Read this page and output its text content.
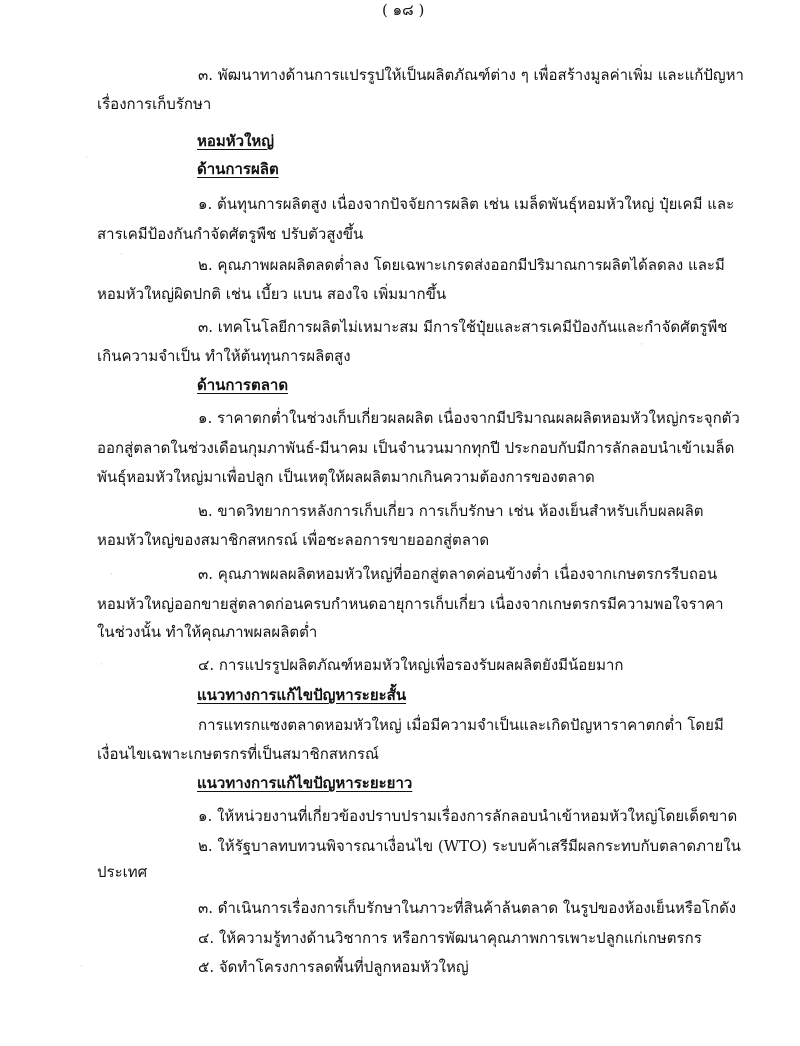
( ๑๘ )

๓. พัฒนาทางด้านการแปรรูปให้เป็นผลิตภัณฑ์ต่าง ๆ เพื่อสร้างมูลค่าเพิ่ม และแก้ปัญหา

เรื่องการเก็บรักษา

หอมหัวใหญ่

ด้านการผลิต

๑. ต้นทุนการผลิตสูง เนื่องจากปัจจัยการผลิต เช่น เมล็ดพันธุ์หอมหัวใหญ่ ปุ๋ยเคมี และ

สารเคมีป้องกันกำจัดศัตรูพืช ปรับตัวสูงขึ้น

๒. คุณภาพผลผลิตลดต่ำลง โดยเฉพาะเกรดส่งออกมีปริมาณการผลิตได้ลดลง และมี

หอมหัวใหญ่ผิดปกติ เช่น เบี้ยว แบน สองใจ เพิ่มมากขึ้น

๓. เทคโนโลยีการผลิตไม่เหมาะสม มีการใช้ปุ๋ยและสารเคมีป้องกันและกำจัดศัตรูพืช

เกินความจำเป็น ทำให้ต้นทุนการผลิตสูง

ด้านการตลาด

๑. ราคาตกต่ำในช่วงเก็บเกี่ยวผลผลิต เนื่องจากมีปริมาณผลผลิตหอมหัวใหญ่กระจุกตัว

ออกสู่ตลาดในช่วงเดือนกุมภาพันธ์-มีนาคม เป็นจำนวนมากทุกปี ประกอบกับมีการลักลอบนำเข้าเมล็ด

พันธุ์หอมหัวใหญ่มาเพื่อปลูก เป็นเหตุให้ผลผลิตมากเกินความต้องการของตลาด

๒. ขาดวิทยาการหลังการเก็บเกี่ยว การเก็บรักษา เช่น ห้องเย็นสำหรับเก็บผลผลิต

หอมหัวใหญ่ของสมาชิกสหกรณ์ เพื่อชะลอการขายออกสู่ตลาด

๓. คุณภาพผลผลิตหอมหัวใหญ่ที่ออกสู่ตลาดค่อนข้างต่ำ เนื่องจากเกษตรกรรีบถอน

หอมหัวใหญ่ออกขายสู่ตลาดก่อนครบกำหนดอายุการเก็บเกี่ยว เนื่องจากเกษตรกรมีความพอใจราคา

ในช่วงนั้น ทำให้คุณภาพผลผลิตต่ำ

๔. การแปรรูปผลิตภัณฑ์หอมหัวใหญ่เพื่อรองรับผลผลิตยังมีน้อยมาก

แนวทางการแก้ไขปัญหาระยะสั้น

การแทรกแซงตลาดหอมหัวใหญ่ เมื่อมีความจำเป็นและเกิดปัญหาราคาตกต่ำ โดยมี

เงื่อนไขเฉพาะเกษตรกรที่เป็นสมาชิกสหกรณ์

แนวทางการแก้ไขปัญหาระยะยาว

๑. ให้หน่วยงานที่เกี่ยวข้องปราบปรามเรื่องการลักลอบนำเข้าหอมหัวใหญ่โดยเด็ดขาด

๒. ให้รัฐบาลทบทวนพิจารณาเงื่อนไข (WTO) ระบบค้าเสรีมีผลกระทบกับตลาดภายใน

ประเทศ

๓. ดำเนินการเรื่องการเก็บรักษาในภาวะที่สินค้าล้นตลาด ในรูปของห้องเย็นหรือโกดัง

๔. ให้ความรู้ทางด้านวิชาการ หรือการพัฒนาคุณภาพการเพาะปลูกแก่เกษตรกร

๕. จัดทำโครงการลดพื้นที่ปลูกหอมหัวใหญ่

·
·
·
·
·
·
